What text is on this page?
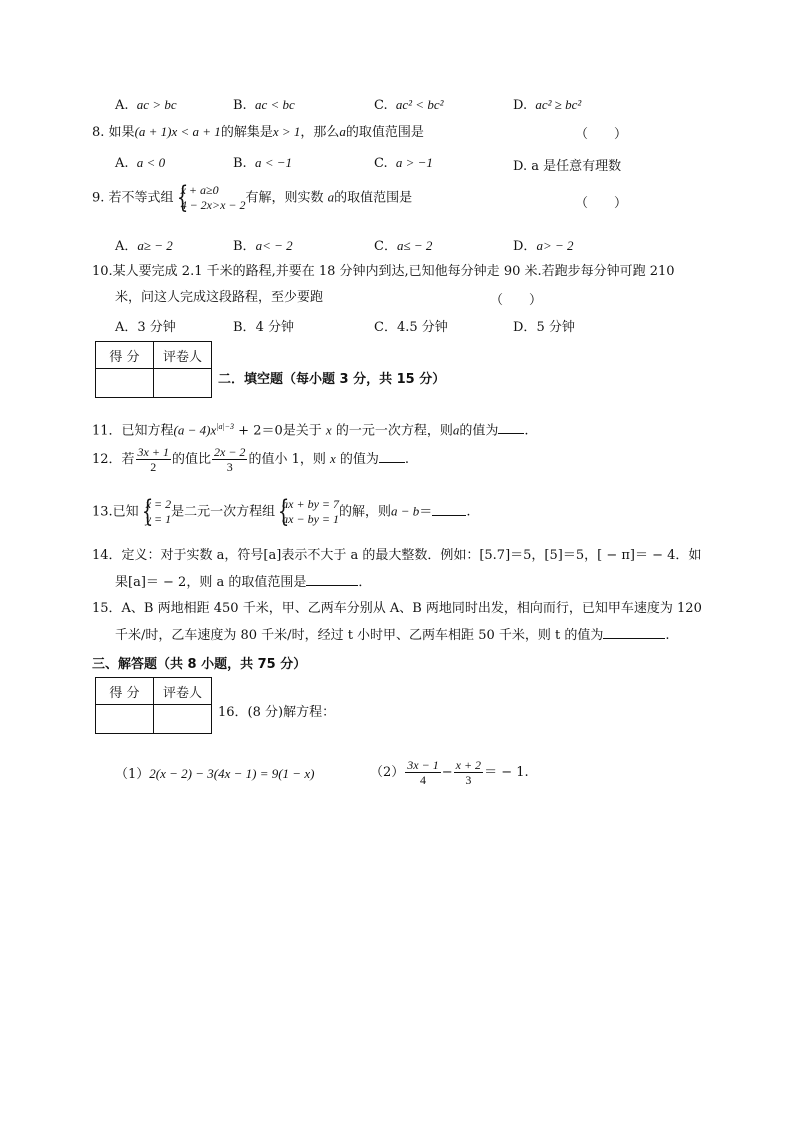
A. ac > bc	B. ac < bc	C. ac² < bc²	D. ac² ≥ bc²
8. 如果(a + 1)x < a + 1的解集是x > 1，那么a的取值范围是	（　　）
A. a < 0	B. a < −1	C. a > −1	D. a 是任意有理数
9. 若不等式组 {
x + a≥0
4 − 2x>x − 2 有解，则实数 a的取值范围是	（　　）
A．a≥ − 2	B．a< − 2	C．a≤ − 2	D．a> − 2
10.某人要完成 2.1 千米的路程,并要在 18 分钟内到达,已知他每分钟走 90 米.若跑步每分钟可跑 210
米，问这人完成这段路程，至少要跑	（　　）
A．3 分钟	B．4 分钟	C．4.5 分钟	D．5 分钟
得 分	评卷人

二．填空题（每小题 3 分，共 15 分）
11．已知方程$(a - 4)x^{|a|-3} + 2=0$是关于 x 的一元一次方程，则a的值为 .
12．若 $\frac{3x + 1}{2}$ 的值比 $\frac{2x - 2}{3}$ 的值小 1，则 x 的值为 .
13.已知 {
x = 2
y = 1 是二元一次方程组 {
ax + by = 7
ax − by = 1 的解，则a − b＝	.
14．定义：对于实数 a，符号[a]表示不大于 a 的最大整数．例如：[5.7]＝5，[5]＝5，[ − π]＝ − 4．如
果[a]＝ − 2，则 a 的取值范围是	．
15．A、B 两地相距 450 千米，甲、乙两车分别从 A、B 两地同时出发，相向而行，已知甲车速度为 120
千米/时，乙车速度为 80 千米/时，经过 t 小时甲、乙两车相距 50 千米，则 t 的值为	.
三、解答题（共 8 小题，共 75 分）
得 分	评卷人

16．(8 分)解方程：
（1）2(x − 2) − 3(4x − 1) = 9(1 − x)	$(2) \frac{3x - 1}{4} - \frac{x + 2}{3}$ ＝ − 1.
